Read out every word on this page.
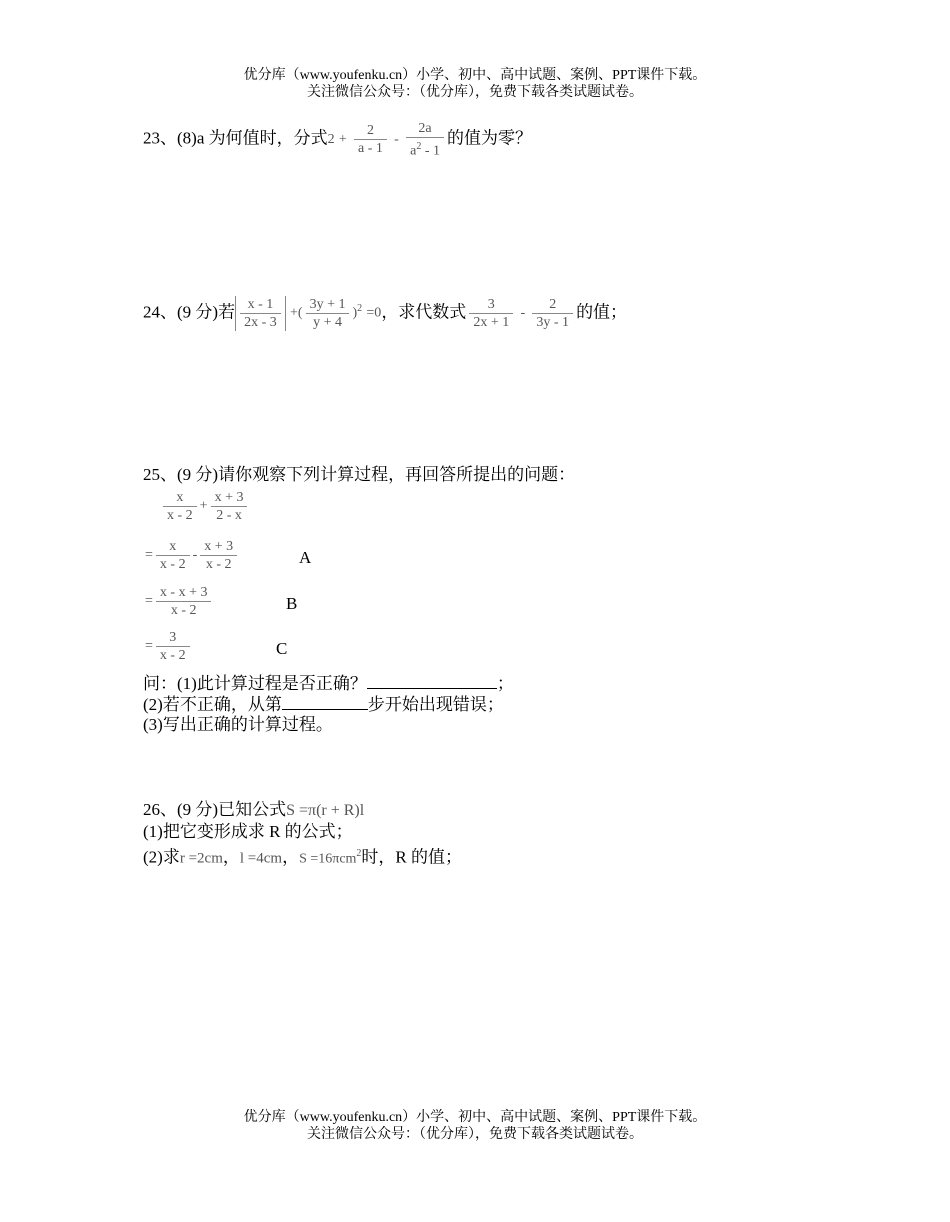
优分库（www.youfenku.cn）小学、初中、高中试题、案例、PPT课件下载。
关注微信公众号：（优分库），免费下载各类试题试卷。
23、(8)a 为何值时，分式$2 + \frac{2}{a - 1} - \frac{2a}{a^2 - 1}$ 的值为零？
24、(9 分)若 $\frac{x - 1}{2x - 3}$ +( $\frac{3y + 1}{y + 4} )^2 =0$，求代数式 $\frac{3}{2x + 1} - \frac{2}{3y - 1}$ 的值；
25、(9 分)请你观察下列计算过程，再回答所提出的问题：
$\frac{x}{x - 2} + \frac{x + 3}{2 - x}$
= $\frac{x}{x - 2} - \frac{x + 3}{x - 2}$	A
= $\frac{x - x + 3}{x - 2}$	B
= $\frac{3}{x - 2}$	C
问：(1)此计算过程是否正确？	；
(2)若不正确，从第	步开始出现错误；
(3)写出正确的计算过程。
26、(9 分)已知公式S =π(r + R)l
(1)把它变形成求 R 的公式；
(2)求r =2cm，l =4cm，S =16πcm$^2$时，R 的值；
优分库（www.youfenku.cn）小学、初中、高中试题、案例、PPT课件下载。
关注微信公众号：（优分库），免费下载各类试题试卷。
